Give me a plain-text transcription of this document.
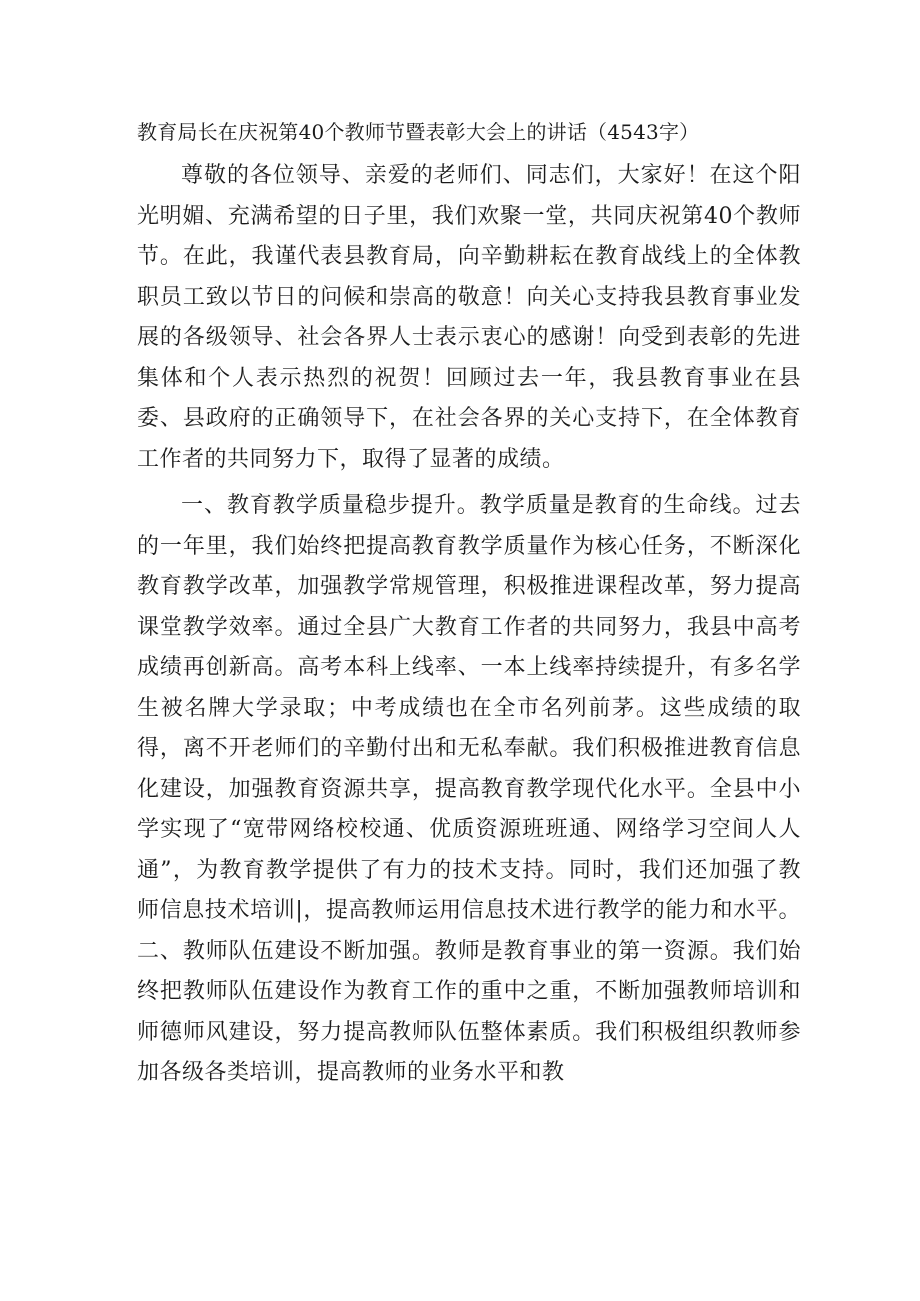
教育局长在庆祝第40个教师节暨表彰大会上的讲话（4543字）

尊敬的各位领导、亲爱的老师们、同志们，大家好！在这个阳光明媚、充满希望的日子里，我们欢聚一堂，共同庆祝第40个教师节。在此，我谨代表县教育局，向辛勤耕耘在教育战线上的全体教职员工致以节日的问候和崇高的敬意！向关心支持我县教育事业发展的各级领导、社会各界人士表示衷心的感谢！向受到表彰的先进集体和个人表示热烈的祝贺！回顾过去一年，我县教育事业在县委、县政府的正确领导下，在社会各界的关心支持下，在全体教育工作者的共同努力下，取得了显著的成绩。

一、教育教学质量稳步提升。教学质量是教育的生命线。过去的一年里，我们始终把提高教育教学质量作为核心任务，不断深化教育教学改革，加强教学常规管理，积极推进课程改革，努力提高课堂教学效率。通过全县广大教育工作者的共同努力，我县中高考成绩再创新高。高考本科上线率、一本上线率持续提升，有多名学生被名牌大学录取；中考成绩也在全市名列前茅。这些成绩的取得，离不开老师们的辛勤付出和无私奉献。我们积极推进教育信息化建设，加强教育资源共享，提高教育教学现代化水平。全县中小学实现了“宽带网络校校通、优质资源班班通、网络学习空间人人通”，为教育教学提供了有力的技术支持。同时，我们还加强了教师信息技术培训|，提高教师运用信息技术进行教学的能力和水平。二、教师队伍建设不断加强。教师是教育事业的第一资源。我们始终把教师队伍建设作为教育工作的重中之重，不断加强教师培训和师德师风建设，努力提高教师队伍整体素质。我们积极组织教师参加各级各类培训，提高教师的业务水平和教
